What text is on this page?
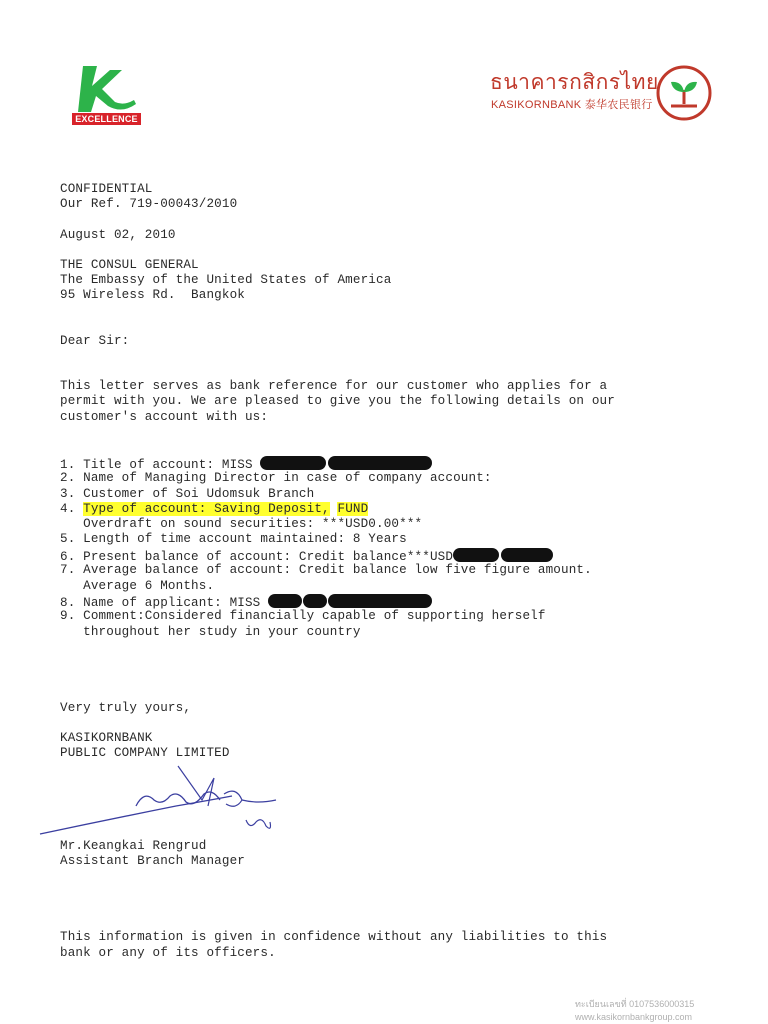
EXCELLENCE
ธนาคารกสิกรไทย
KASIKORNBANK 泰华农民银行
CONFIDENTIAL
Our Ref. 719-00043/2010
August 02, 2010
THE CONSUL GENERAL
The Embassy of the United States of America
95 Wireless Rd.  Bangkok
Dear Sir:
This letter serves as bank reference for our customer who applies for a
permit with you. We are pleased to give you the following details on our
customer's account with us:
1. Title of account: MISS
2. Name of Managing Director in case of company account:
3. Customer of Soi Udomsuk Branch
4. Type of account: Saving Deposit, FUND
Overdraft on sound securities: ***USD0.00***
5. Length of time account maintained: 8 Years
6. Present balance of account: Credit balance***USD
7. Average balance of account: Credit balance low five figure amount.
Average 6 Months.
8. Name of applicant: MISS
9. Comment:Considered financially capable of supporting herself
throughout her study in your country
Very truly yours,
KASIKORNBANK
PUBLIC COMPANY LIMITED
Mr.Keangkai Rengrud
Assistant Branch Manager
This information is given in confidence without any liabilities to this
bank or any of its officers.
ทะเบียนเลขที่ 0107536000315
www.kasikornbankgroup.com
